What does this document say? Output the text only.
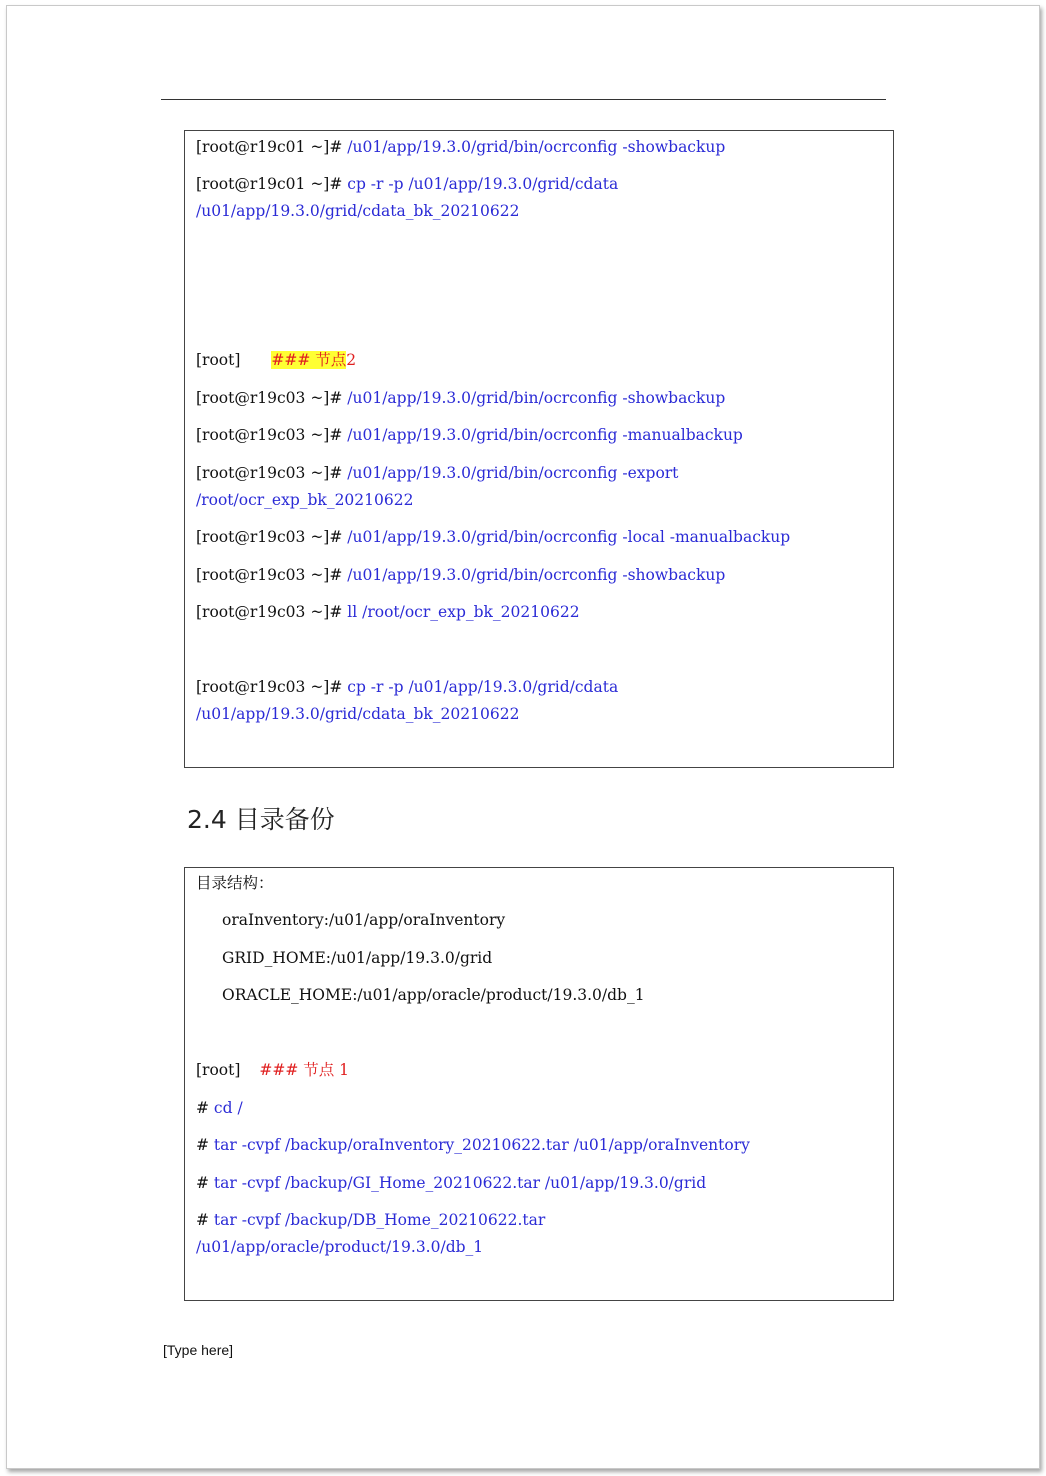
[root@r19c01 ~]# /u01/app/19.3.0/grid/bin/ocrconfig -showbackup
[root@r19c01 ~]# cp -r -p /u01/app/19.3.0/grid/cdata
/u01/app/19.3.0/grid/cdata_bk_20210622
[root] ### 节点2
[root@r19c03 ~]# /u01/app/19.3.0/grid/bin/ocrconfig -showbackup
[root@r19c03 ~]# /u01/app/19.3.0/grid/bin/ocrconfig -manualbackup
[root@r19c03 ~]# /u01/app/19.3.0/grid/bin/ocrconfig -export
/root/ocr_exp_bk_20210622
[root@r19c03 ~]# /u01/app/19.3.0/grid/bin/ocrconfig -local -manualbackup
[root@r19c03 ~]# /u01/app/19.3.0/grid/bin/ocrconfig -showbackup
[root@r19c03 ~]# ll /root/ocr_exp_bk_20210622
[root@r19c03 ~]# cp -r -p /u01/app/19.3.0/grid/cdata
/u01/app/19.3.0/grid/cdata_bk_20210622
2.4 目录备份
目录结构：
oraInventory:/u01/app/oraInventory
GRID_HOME:/u01/app/19.3.0/grid
ORACLE_HOME:/u01/app/oracle/product/19.3.0/db_1
[root] ### 节点 1
# cd /
# tar -cvpf /backup/oraInventory_20210622.tar /u01/app/oraInventory
# tar -cvpf /backup/GI_Home_20210622.tar /u01/app/19.3.0/grid
# tar -cvpf /backup/DB_Home_20210622.tar
/u01/app/oracle/product/19.3.0/db_1
[Type here]
